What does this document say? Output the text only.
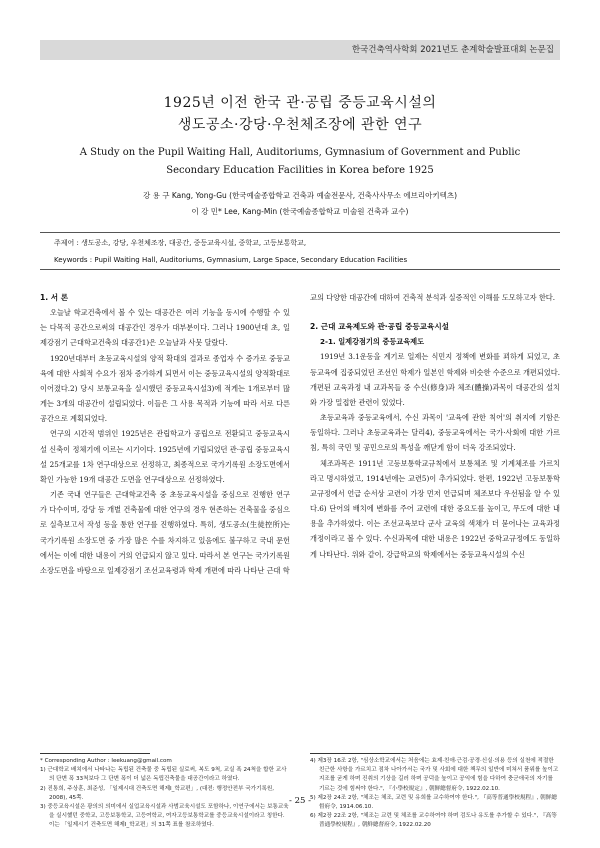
한국건축역사학회 2021년도 춘계학술발표대회 논문집
1925년 이전 한국 관·공립 중등교육시설의
생도공소·강당·우천체조장에 관한 연구
A Study on the Pupil Waiting Hall, Auditoriums, Gymnasium of Government and Public
Secondary Education Facilities in Korea before 1925
강 용 구 Kang, Yong-Gu (한국예술종합학교 건축과 예술전문사, 건축사사무소 에브리아키텍츠)
이 강 민* Lee, Kang-Min (한국예술종합학교 미술원 건축과 교수)
주제어 : 생도공소, 강당, 우천체조장, 대공간, 중등교육시설, 중학교, 고등보통학교,
Keywords : Pupil Waiting Hall, Auditoriums, Gymnasium, Large Space, Secondary Education Facilities

1. 서 론

오늘날 학교건축에서 볼 수 있는 대공간은 여러 기능을 동시에 수행할 수 있는 다목적 공간으로써의 대공간인 경우가 대부분이다. 그러나 1900년대 초, 일제강점기 근대학교건축의 대공간1)은 오늘날과 사뭇 달랐다.

1920년대부터 초등교육시설의 양적 확대의 결과로 종업자 수 증가로 중등교육에 대한 사회적 수요가 점차 증가하게 되면서 이는 중등교육시설의 양적확대로 이어졌다.2) 당시 보통교육을 실시했던 중등교육시설3)에 적게는 1개로부터 많게는 3개의 대공간이 설립되었다. 이들은 그 사용 목적과 기능에 따라 서로 다른 공간으로 계획되었다.

연구의 시간적 범위인 1925년은 관립학교가 공립으로 전환되고 중등교육시설 신축이 정체기에 이르는 시기이다. 1925년에 기립되었던 관·공립 중등교육시설 25개교를 1차 연구대상으로 선정하고, 최종적으로 국가기록원 소장도면에서 확인 가능한 19개 대공간 도면을 연구대상으로 선정하였다.

기존 국내 연구들은 근대학교건축 중 초등교육시설을 중심으로 진행한 연구가 다수이며, 강당 등 개별 건축물에 대한 연구의 경우 현존하는 건축물을 중심으로 실측보고서 작성 등을 통한 연구를 진행하였다. 특히, 생도공소(生徒控所)는 국가기록원 소장도면 중 가장 많은 수를 차지하고 있음에도 불구하고 국내 문헌에서는 이에 대한 내용이 거의 언급되지 않고 있다. 따라서 본 연구는 국가기록원 소장도면을 바탕으로 일제강점기 조선교육령과 학제 개편에 따라 나타난 근대 학

교의 다양한 대공간에 대하여 건축적 분석과 실증적인 이해를 도모하고자 한다.

2. 근대 교육제도와 관·공립 중등교육시설

2-1. 일제강점기의 중등교육제도

1919년 3.1운동을 계기로 일제는 식민지 정책에 변화를 꾀하게 되었고, 초등교육에 집중되었던 조선인 학제가 일본인 학제와 비슷한 수준으로 개편되었다. 개편된 교육과정 내 교과목들 중 수신(修身)과 체조(體操)과목이 대공간의 설치와 가장 밀접한 관련이 있었다.

초등교육과 중등교육에서, 수신 과목이 '교육에 관한 칙어'의 취지에 기함은 동일하다. 그러나 초등교육과는 달리4), 중등교육에서는 국가·사회에 대한 가르침, 특히 국민 및 공민으로의 특성을 깨닫게 함이 더욱 강조되었다.

체조과목은 1911년 고등보통학교규칙에서 보통체조 및 기계체조를 가르치라고 명시하였고, 1914년에는 교련5)이 추가되었다. 한편, 1922년 고등보통학교규정에서 언급 순서상 교련이 가장 먼저 언급되며 체조보다 우선됨을 알 수 있다.6) 단어의 배치에 변화를 주어 교련에 대한 중요도를 높이고, 무도에 대한 내용을 추가하였다. 이는 조선교육보다 군사 교육의 색채가 더 묻어나는 교육과정개정이라고 볼 수 있다. 수신과목에 대한 내용은 1922년 중학교규정에도 동일하게 나타난다. 위와 같이, 강급학교의 학제에서는 중등교육시설의 수신

* Corresponding Author : leekuang@gmail.com
1) 근대학교 배치에서 나타나는 독립된 건축물 중 독립된 실로써, 복도 9척, 교실 폭 24척을 합한 교사의 단변 폭 33척보다 그 단변 폭이 더 넓은 독립건축물을 대공간이라고 하였다.
2) 진통희, 주상훈, 최준성, 「일제시대 건축도면 해제Ⅰ_학교편」, (대전: 행정안전부 국가기록원, 2008), 45쪽.
3) 중등교육시설은 광의의 의미에서 실업교육시설과 사범교육시설도 포함하나, 이연구에서는 보통교육을 실시했던 중학교, 고등보통학교, 고등여학교, 여자고등보통학교를 중등교육시설이라고 칭한다. 이는 「일제시기 건축도면 해제Ⅰ_학교편」의 31쪽 표를 참조하였다.
4) 제3장 16조 2항, "심상소학교에서는 처음에는 효제·친애·근검·공경·신실·의용 등의 실천에 적절한 친근한 사항을 가르치고 점차 나아가서는 국가 및 사회에 대한 책무의 일반에 미쳐서 품위를 높이고 지조를 굳게 하며 진취의 기상을 길러 하며 공덕을 높이고 공익에 힘을 다하여 충군애국의 자기를 기르는 것에 힘써야 한다.", 『小學校規定』, 朝鮮總督府令, 1922.02.10.
5) 제2장 24조 2항, "체조는 체조, 교련 및 유희를 교수하여야 한다.", 『高等普通學校規程』, 朝鮮總督府令, 1914.06.10.
6) 제2장 22조 2항, "체조는 교련 및 체조를 교수하여야 하며 검도나 유도를 추가할 수 있다.", 『高等普通學校規程』, 朝鮮總督府令, 1922.02.20
- 25 -
